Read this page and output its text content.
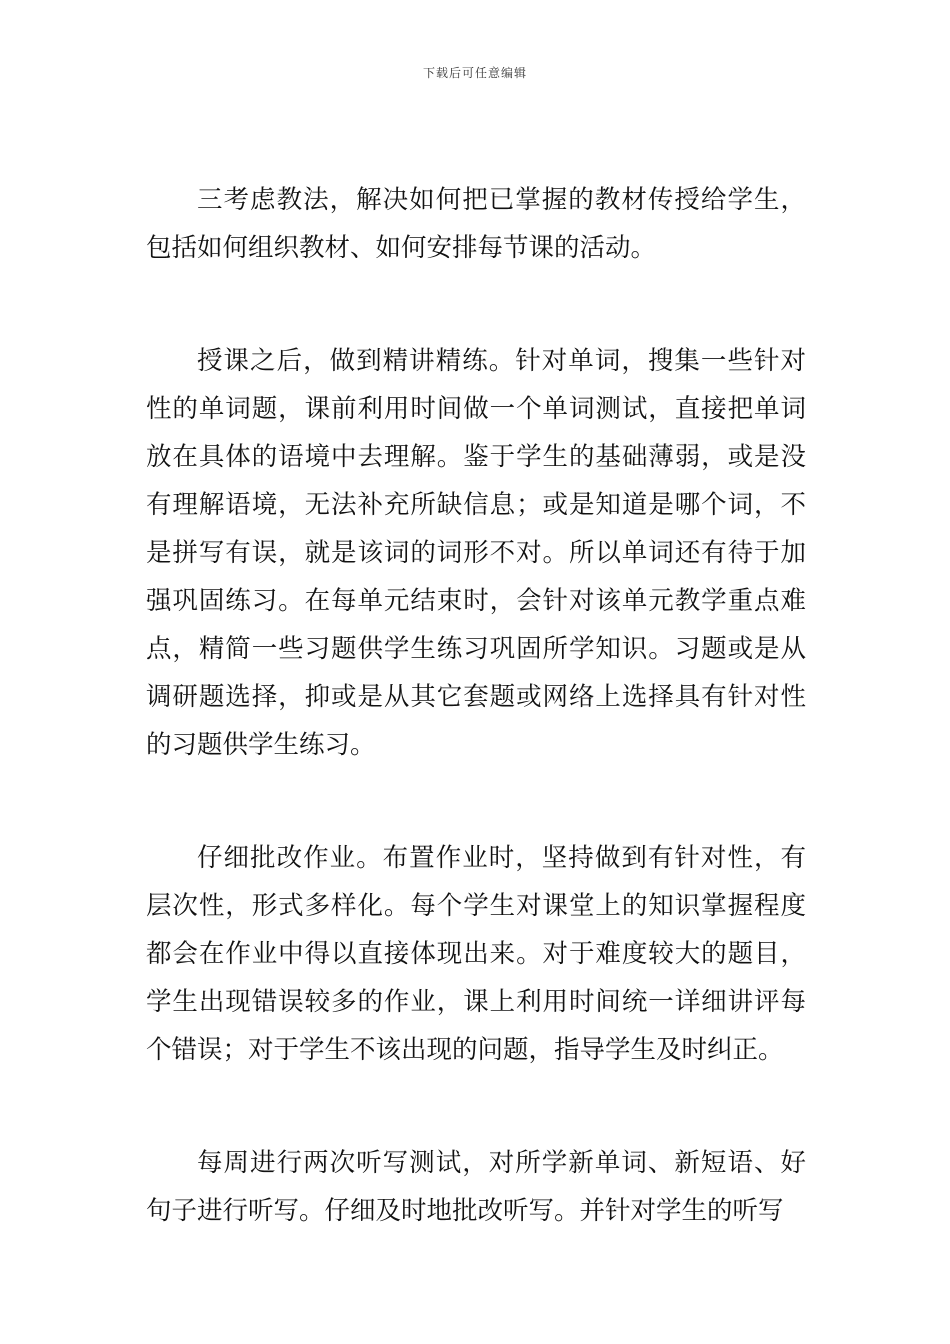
下载后可任意编辑

三考虑教法，解决如何把已掌握的教材传授给学生，包括如何组织教材、如何安排每节课的活动。

授课之后，做到精讲精练。针对单词，搜集一些针对性的单词题，课前利用时间做一个单词测试，直接把单词放在具体的语境中去理解。鉴于学生的基础薄弱，或是没有理解语境，无法补充所缺信息；或是知道是哪个词，不是拼写有误，就是该词的词形不对。所以单词还有待于加强巩固练习。在每单元结束时，会针对该单元教学重点难点，精简一些习题供学生练习巩固所学知识。习题或是从调研题选择，抑或是从其它套题或网络上选择具有针对性的习题供学生练习。

仔细批改作业。布置作业时，坚持做到有针对性，有层次性，形式多样化。每个学生对课堂上的知识掌握程度都会在作业中得以直接体现出来。对于难度较大的题目，学生出现错误较多的作业，课上利用时间统一详细讲评每个错误；对于学生不该出现的问题，指导学生及时纠正。

每周进行两次听写测试，对所学新单词、新短语、好句子进行听写。仔细及时地批改听写。并针对学生的听写
